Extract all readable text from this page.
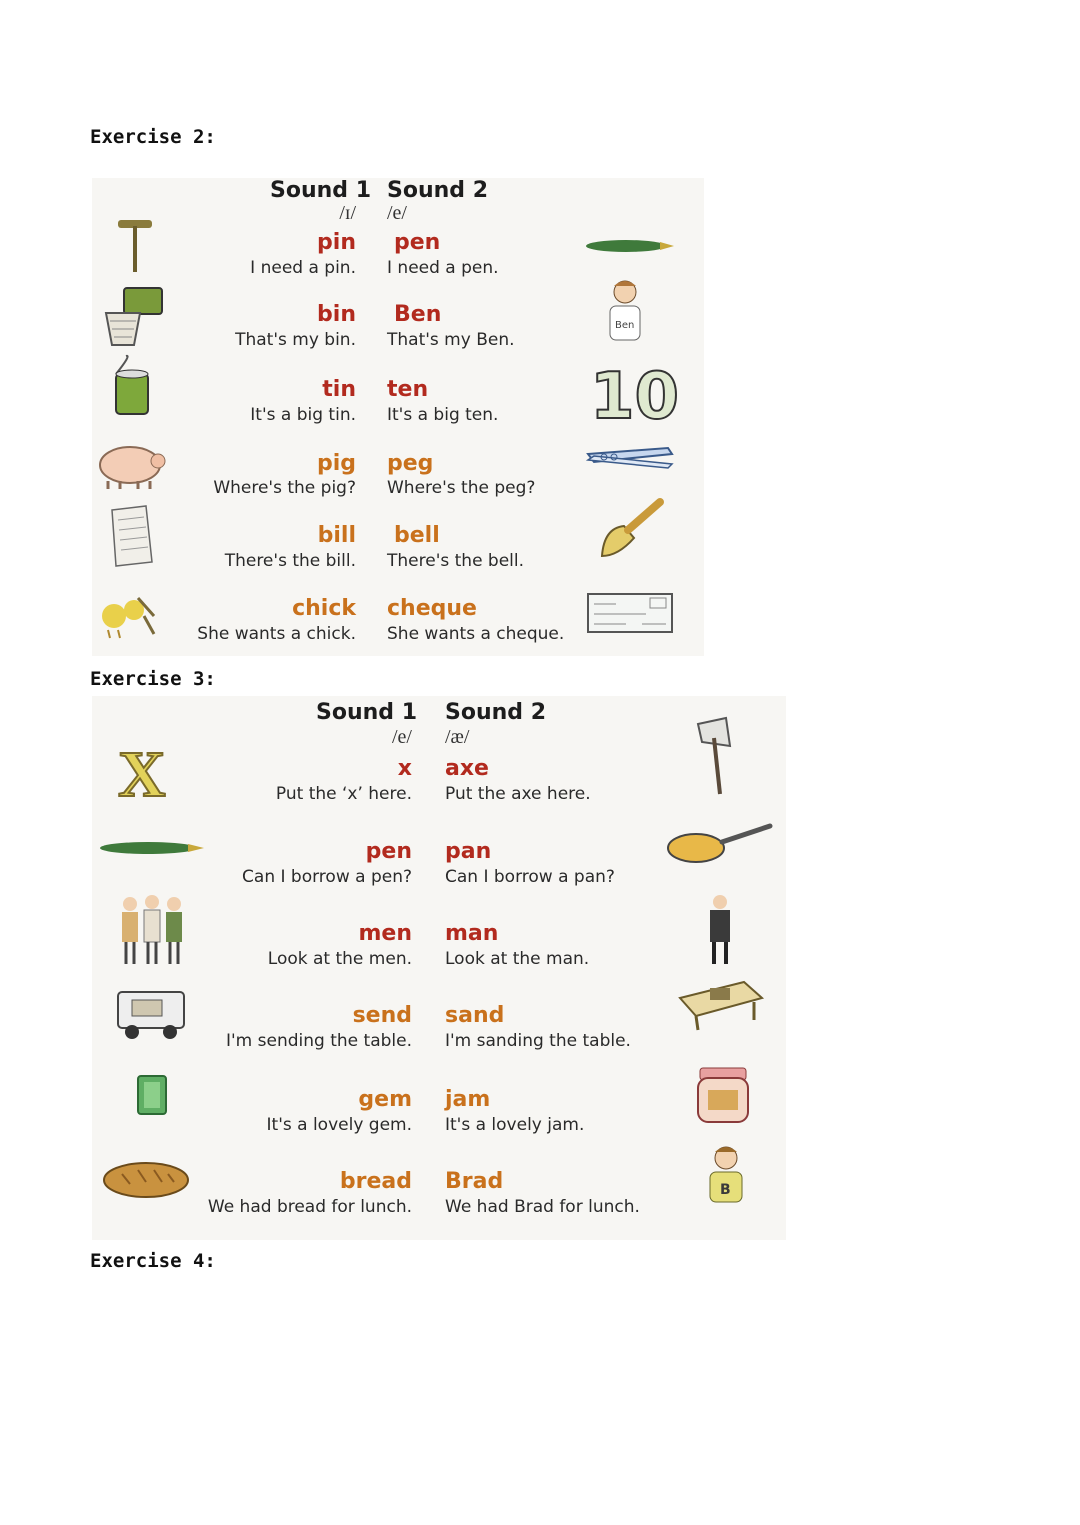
Exercise 2:
Sound 1 Sound 2
/ɪ/ /e/
pin
I need a pin.
pen
I need a pen.
bin
That's my bin.
Ben
That's my Ben.
tin
It's a big tin.
ten
It's a big ten.
pig
Where's the pig?
peg
Where's the peg?
bill
There's the bill.
bell
There's the bell.
chick
She wants a chick.
cheque
She wants a cheque.
Ben
10
Exercise 3:
Sound 1 Sound 2
/e/ /æ/
x
Put the ‘x’ here.
axe
Put the axe here.
pen
Can I borrow a pen?
pan
Can I borrow a pan?
men
Look at the men.
man
Look at the man.
send
I'm sending the table.
sand
I'm sanding the table.
gem
It's a lovely gem.
jam
It's a lovely jam.
bread
We had bread for lunch.
Brad
We had Brad for lunch.
X
B
Exercise 4:
